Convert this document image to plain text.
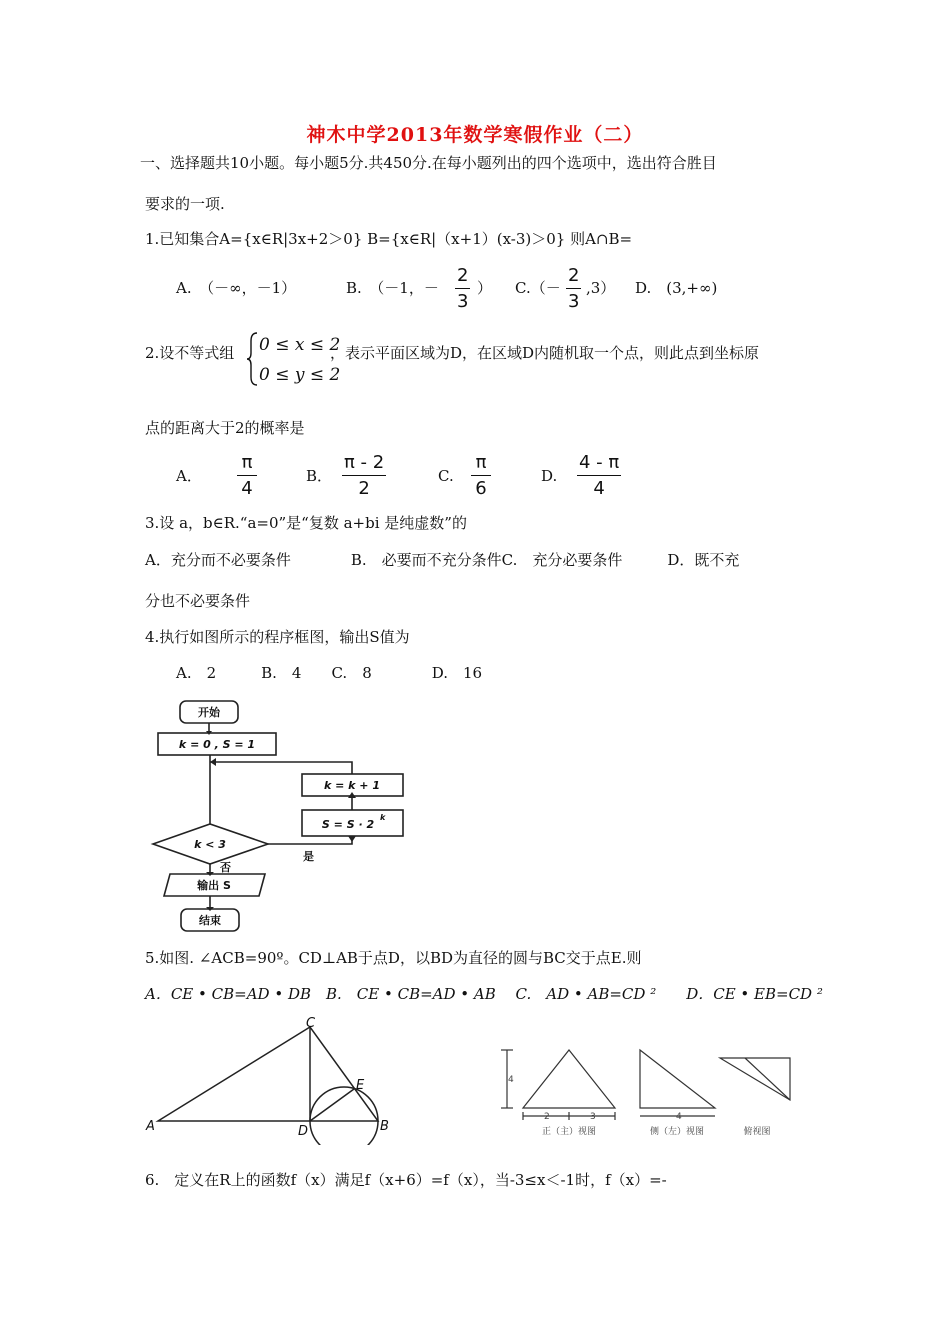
神木中学2013年数学寒假作业（二）
一、选择题共10小题。每小题5分.共450分.在每小题列出的四个选项中，选出符合胜目
要求的一项.
1.已知集合A={x∈R|3x+2＞0} B={x∈R|（x+1）(x-3)＞0} 则A∩B=
A.　（－∞，－1）	B.　（－1，－ $\frac{2}{3}$ ） $C.(- \frac{2}{3} ,3)$ D.　(3,+∞)
2.设不等式组 0 ≤ x ≤ 2
0 ≤ y ≤ 2
，表示平面区域为D，在区域D内随机取一个点，则此点到坐标原
点的距离大于2的概率是
A． $\frac{\pi}{4}$	B． $\frac{\pi - 2}{2}$	C. $\frac{\pi}{6}$	D. $\frac{4 - \pi}{4}$
3.设 a，b∈R.“a=0”是“复数 a+bi 是纯虚数”的
A．充分而不必要条件　　　　B.　必要而不充分条件C.　充分必要条件　　　D．既不充
分也不必要条件
4.执行如图所示的程序框图，输出S值为
A.　2　　　B.　4　　C.　8　　　　D.　16
开始
k = 0 , S = 1
k = k + 1
S = S · 2
k
k < 3
否
是
输出 S
结束
5.如图. ∠ACB=90º。CD⊥AB于点D，以BD为直径的圆与BC交于点E.则
A．CE • CB=AD • DB　B.　CE • CB=AD • AB　 C.　AD • AB=CD ²　　D．CE • EB=CD ²
A	B
C
D
E	4
2	3	4
正（主）视图	侧（左）视图	俯视图
6.　定义在R上的函数f（x）满足f（x+6）=f（x），当-3≤x＜-1时，f（x）=-
